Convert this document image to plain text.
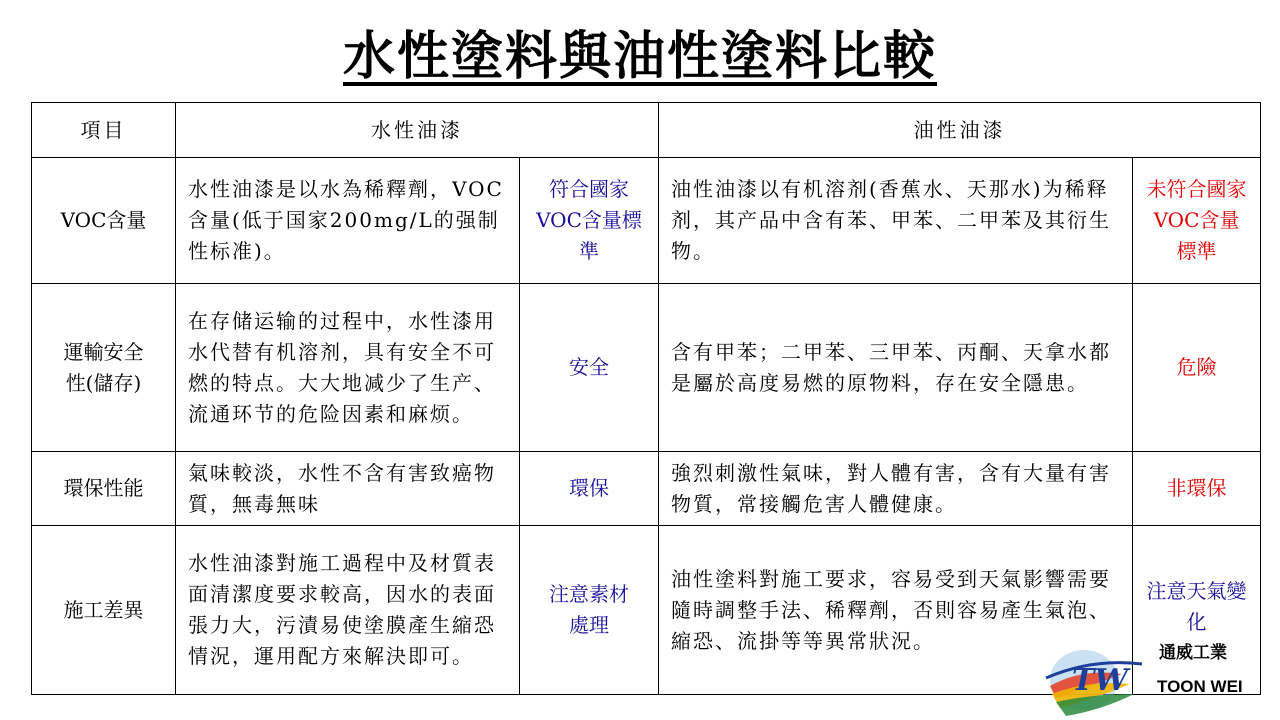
水性塗料與油性塗料比較
項目	水性油漆		油性油漆	
VOC含量	水性油漆是以水為稀釋劑，VOC含量(低于国家200mg/L的强制性标准)。	符合國家VOC含量標準	油性油漆以有机溶剂(香蕉水、天那水)为稀释剂，其产品中含有苯、甲苯、二甲苯及其衍生物。	未符合國家VOC含量標準

運輸安全性(儲存)	在存储运输的过程中，水性漆用水代替有机溶剂，具有安全不可燃的特点。大大地减少了生产、流通环节的危险因素和麻烦。	安全	含有甲苯；二甲苯、三甲苯、丙酮、天拿水都是屬於高度易燃的原物料，存在安全隱患。	危險
環保性能	氣味較淡，水性不含有害致癌物質，無毒無味	環保	強烈刺激性氣味，對人體有害，含有大量有害物質，常接觸危害人體健康。	非環保
施工差異	水性油漆對施工過程中及材質表面清潔度要求較高，因水的表面張力大，污漬易使塗膜產生縮恐情況，運用配方來解決即可。	注意素材處理	油性塗料對施工要求，容易受到天氣影響需要隨時調整手法、稀釋劑，否則容易產生氣泡、縮恐、流掛等等異常狀況。	注意天氣變化
TW
通威工業
TOON WEI
